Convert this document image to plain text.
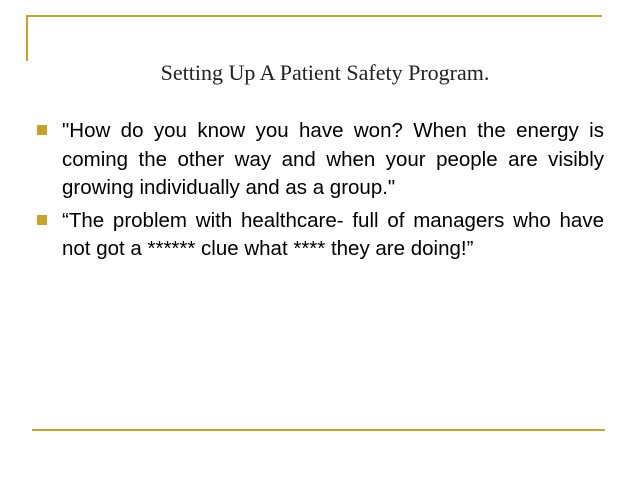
Setting Up A Patient Safety Program.
"How do you know you have won? When the energy is coming the other way and when your people are visibly growing individually and as a group."
“The problem with healthcare- full of managers who have not got a ****** clue what **** they are doing!”
